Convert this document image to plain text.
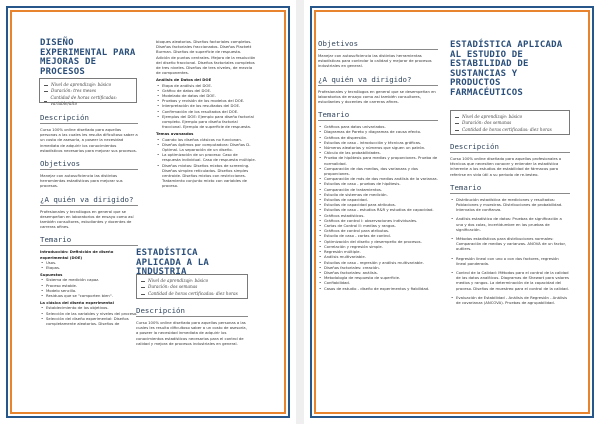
DISEÑO EXPERIMENTAL PARA MEJORAS DE PROCESOS
Nivel de aprendizaje: básico
Duración: tres meses
Cantidad de horas certificadas: variable/alto

Descripción

Curso 100% online diseñado para aquellas personas a las cuales les resulta dificultoso saber a un costo de asesoría, a poseer la necesidad inmediata de adquirir los conocimientos estadísticos necesarios para mejorar sus procesos.

Objetivos

Manejar con autosuficiencia las distintas herramientas estadísticas para mejorar sus procesos.

¿A quién va dirigido?

Profesionales y tecnólogos en general que se desempeñan en laboratorios de ensayo como así también consultores, estudiantes y docentes de carreras afines.

Temario

Introducción: Definición de diseño experimental (DOE)

• Usos.
• Etapas.

Supuestos

• Sistema de medición capaz.
• Proceso estable.
• Modelo sencillo.
• Residuos que se "comporten bien".

La clásica del diseño experimental

• Establecimiento de los objetivos.
• Selección de las variables y niveles del proceso.
• Selección del diseño experimental: Diseños completamente aleatorios. Diseños de

bloques aleatorios. Diseños factoriales completos. Diseños factoriales fraccionados. Diseños Plackett Burman. Diseños de superficie de respuesta. Adición de puntos centrales. Mejora de la resolución del diseño fraccional. Diseños factoriales completos de tres niveles. Diseños de tres niveles, de mezcla de componentes.

Análisis de Datos del DOE

• Etapa de análisis del DOE.
• Gráfico de datos del DOE.
• Modelado de datos del DOE.
• Pruebas y revisión de los modelos del DOE.
• Interpretación de los resultados del DOE.
• Confirmación de los resultados del DOE.
• Ejemplos del DOE: Ejemplo para diseño factorial completo. Ejemplo para diseño factorial fraccional. Ejemplo de superficie de respuesta.

Temas avanzados

• Cuando los diseños clásicos no funcionan.
• Diseños óptimos por computadora: Diseños D-Optimal. La separación de un diseño.
• La optimización de un proceso: Caso de respuesta individual. Caso de respuesta múltiple.
• Diseños mixtos: Diseños mixtos de screening. Diseños simplex reticulados. Diseños simples centroide. Diseños mixtos con restricciones. Tratamiento conjunto mixto con variables de proceso.
ESTADÍSTICA APLICADA A LA INDUSTRIA
Nivel de aprendizaje: básico
Duración: dos semanas
Cantidad de horas certificadas: diez horas

Descripción

Curso 100% online diseñado para aquellas personas a las cuales les resulta dificultoso saber a un costo de asesoría, a poseer la necesidad inmediata de adquirir los conocimientos estadísticos necesarios para el control de calidad y mejora de procesos industriales en general.

Objetivos

Manejar con autosuficiencia las distintas herramientas estadísticas para controlar la calidad y mejorar de procesos industriales en general.

¿A quién va dirigido?

Profesionales y tecnólogos en general que se desempeñan en laboratorios de ensayo como así también consultores, estudiantes y docentes de carreras afines.

Temario

• Gráficos para datos univariados.
• Diagramas de Pareto y diagramas de causa efecto.
• Gráficos de dispersión.
• Estudios de caso - introducción y técnicas gráficas.
• Números aleatorios y números que siguen un patrón.
• Cálculo de las probabilidades.
• Prueba de hipótesis para medias y proporciones. Prueba de normalidad.
• Comparación de dos medias, dos varianzas y dos proporciones.
• Comparación de más de dos medias análisis de la varianza.
• Estudios de caso - pruebas de hipótesis.
• Comparación de tratamientos.
• Estudio de sistemas de medición.
• Estudios de capacidad.
• Estudios de capacidad para atributos.
• Estudios de caso - estudios R&R y estudios de capacidad.
• Gráficos estadísticos.
• Gráficos de control I: observaciones individuales.
• Cartas de Control II: medias y rangos.
• Gráficos de control para atributos.
• Estudio de caso - cartas de control.
• Optimización del diseño y desempeño de procesos.
• Correlación y regresión simple.
• Regresión múltiple.
• Análisis multivariable.
• Estudios de caso - regresión y análisis multivariable.
• Diseños factoriales: creación.
• Diseños factoriales: análisis.
• Metodología de respuesta de superficie.
• Confiabilidad.
• Casos de estudio - diseño de experimentos y fiabilidad.
ESTADÍSTICA APLICADA AL ESTUDIO DE ESTABILIDAD DE SUSTANCIAS Y PRODUCTOS FARMACÉUTICOS
Nivel de aprendizaje: básico
Duración: dos semanas
Cantidad de horas certificadas: diez horas

Descripción

Curso 100% online diseñado para aquellos profesionales o técnicos que necesiten conocer y entender la estadística inherente a los estudios de estabilidad de fármacos para referirse en vida útil a su periodo de re-testeo.

Temario

• Distribución estadística de mediciones y resultados: Poblaciones y muestras. Distribuciones de probabilidad. Intervalos de confianza.
• Análisis estadístico de datos: Pruebas de significación a una y dos colas, incertidumbre en las pruebas de significación.
• Métodos estadísticos para distribuciones normales: Comparación de medias y varianzas. ANOVA de un factor, outliers.
• Regresión lineal con uno o con dos factores, regresión lineal ponderada.
• Control de la Calidad: Métodos para el control de la calidad de las datos analíticos. Diagramas de Shewart para valores medios y rangos. La determinación de la capacidad del proceso. Diseños de muestreo para el control de la calidad.
• Evaluación de Estabilidad - Análisis de Regresión - Análisis de covarianza (ANCOVA). Pruebas de agrupabilidad.
